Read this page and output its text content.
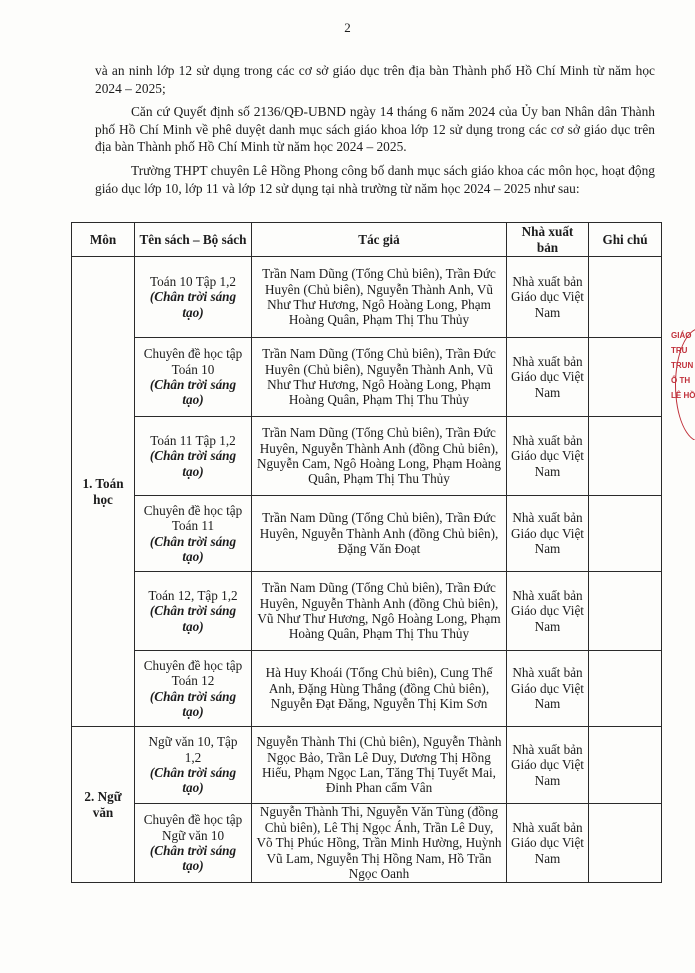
2

và an ninh lớp 12 sử dụng trong các cơ sở giáo dục trên địa bàn Thành phố Hồ Chí Minh từ năm học 2024 – 2025;

Căn cứ Quyết định số 2136/QĐ-UBND ngày 14 tháng 6 năm 2024 của Ủy ban Nhân dân Thành phố Hồ Chí Minh về phê duyệt danh mục sách giáo khoa lớp 12 sử dụng trong các cơ sở giáo dục trên địa bàn Thành phố Hồ Chí Minh từ năm học 2024 – 2025.

Trường THPT chuyên Lê Hồng Phong công bố danh mục sách giáo khoa các môn học, hoạt động giáo dục lớp 10, lớp 11 và lớp 12 sử dụng tại nhà trường từ năm học 2024 – 2025 như sau:

Môn	Tên sách – Bộ sách	Tác giả	Nhà xuất bản	Ghi chú
1. Toán học	Toán 10 Tập 1,2
(Chân trời sáng tạo)	Trần Nam Dũng (Tổng Chủ biên), Trần Đức Huyên (Chủ biên), Nguyễn Thành Anh, Vũ Như Thư Hương, Ngô Hoàng Long, Phạm Hoàng Quân, Phạm Thị Thu Thủy	Nhà xuất bản Giáo dục Việt Nam	

	Chuyên đề học tập Toán 10
(Chân trời sáng tạo)	Trần Nam Dũng (Tổng Chủ biên), Trần Đức Huyên (Chủ biên), Nguyễn Thành Anh, Vũ Như Thư Hương, Ngô Hoàng Long, Phạm Hoàng Quân, Phạm Thị Thu Thủy	Nhà xuất bản Giáo dục Việt Nam	

	Toán 11 Tập 1,2
(Chân trời sáng tạo)	Trần Nam Dũng (Tổng Chủ biên), Trần Đức Huyên, Nguyễn Thành Anh (đồng Chủ biên), Nguyễn Cam, Ngô Hoàng Long, Phạm Hoàng Quân, Phạm Thị Thu Thủy	Nhà xuất bản Giáo dục Việt Nam	

	Chuyên đề học tập Toán 11
(Chân trời sáng tạo)	Trần Nam Dũng (Tổng Chủ biên), Trần Đức Huyên, Nguyễn Thành Anh (đồng Chủ biên), Đặng Văn Đoạt	Nhà xuất bản Giáo dục Việt Nam	

	Toán 12, Tập 1,2
(Chân trời sáng tạo)	Trần Nam Dũng (Tổng Chủ biên), Trần Đức Huyên, Nguyễn Thành Anh (đồng Chủ biên), Vũ Như Thư Hương, Ngô Hoàng Long, Phạm Hoàng Quân, Phạm Thị Thu Thủy	Nhà xuất bản Giáo dục Việt Nam	

	Chuyên đề học tập Toán 12
(Chân trời sáng tạo)	Hà Huy Khoái (Tổng Chủ biên), Cung Thế Anh, Đặng Hùng Thắng (đồng Chủ biên), Nguyễn Đạt Đăng, Nguyễn Thị Kim Sơn	Nhà xuất bản Giáo dục Việt Nam	
2. Ngữ văn	Ngữ văn 10, Tập 1,2
(Chân trời sáng tạo)	Nguyễn Thành Thi (Chủ biên), Nguyễn Thành Ngọc Bảo, Trần Lê Duy, Dương Thị Hồng Hiếu, Phạm Ngọc Lan, Tăng Thị Tuyết Mai, Đinh Phan cẩm Vân	Nhà xuất bản Giáo dục Việt Nam	

	Chuyên đề học tập Ngữ văn 10
(Chân trời sáng tạo)	Nguyễn Thành Thi, Nguyễn Văn Tùng (đồng Chủ biên), Lê Thị Ngọc Ánh, Trần Lê Duy, Võ Thị Phúc Hồng, Trần Minh Hường, Huỳnh Vũ Lam, Nguyễn Thị Hồng Nam, Hồ Trần Ngọc Oanh	Nhà xuất bản Giáo dục Việt Nam	
GIÁO
TRU
TRUN
Ô TH
LÊ HỒ
